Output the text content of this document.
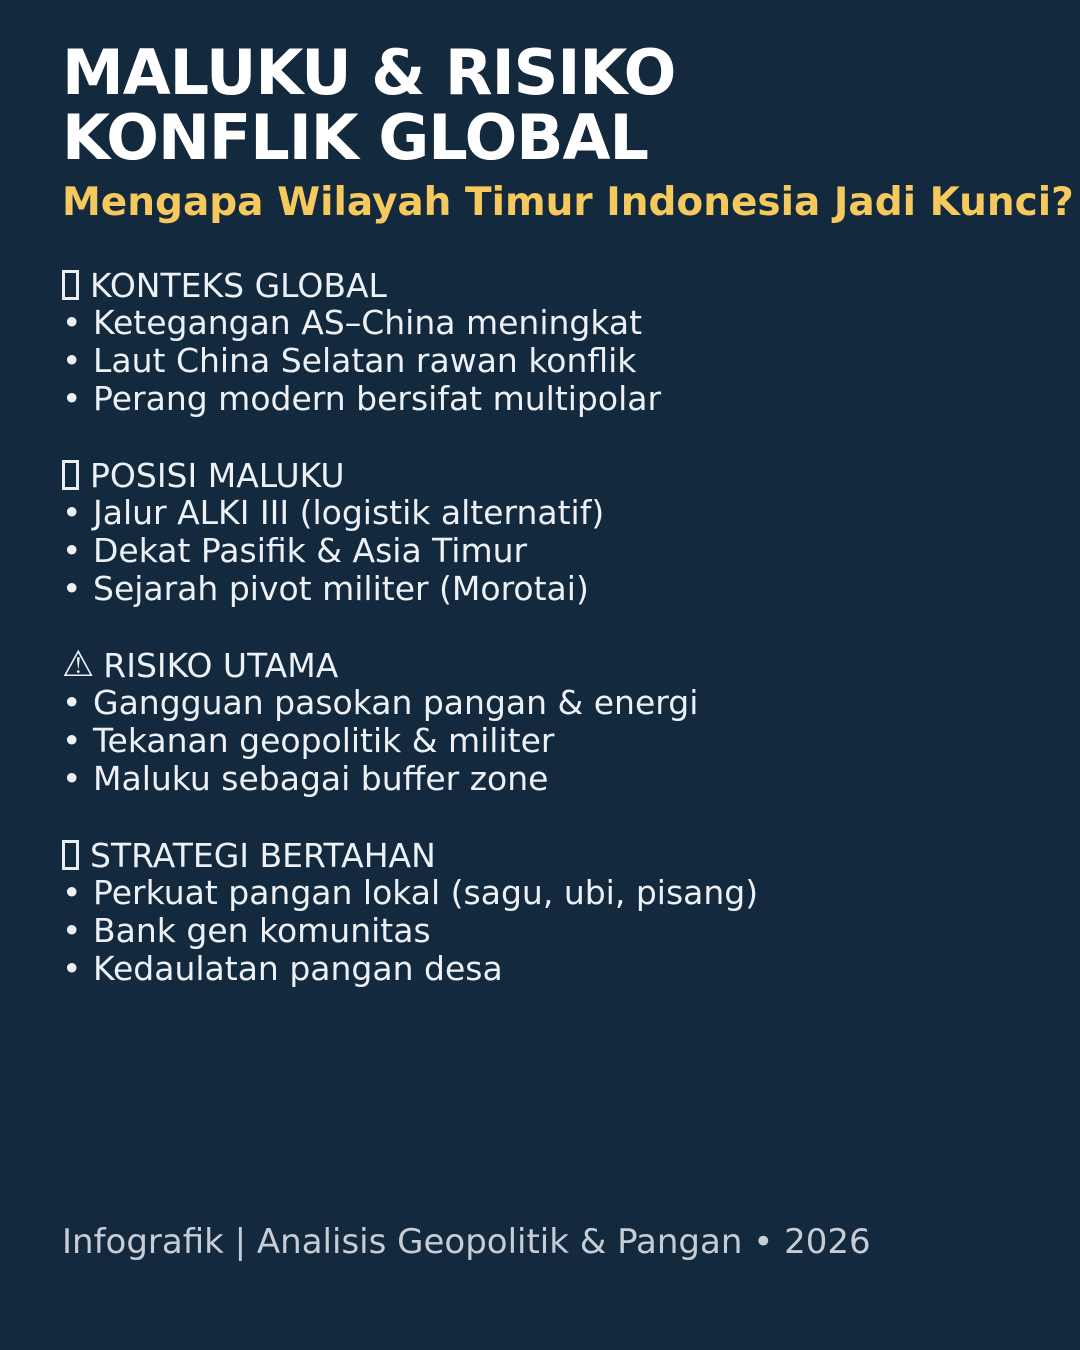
MALUKU & RISIKO
KONFLIK GLOBAL
Mengapa Wilayah Timur Indonesia Jadi Kunci?
KONTEKS GLOBAL
• Ketegangan AS–China meningkat
• Laut China Selatan rawan konflik
• Perang modern bersifat multipolar
POSISI MALUKU
• Jalur ALKI III (logistik alternatif)
• Dekat Pasifik & Asia Timur
• Sejarah pivot militer (Morotai)
⚠ RISIKO UTAMA
• Gangguan pasokan pangan & energi
• Tekanan geopolitik & militer
• Maluku sebagai buffer zone
STRATEGI BERTAHAN
• Perkuat pangan lokal (sagu, ubi, pisang)
• Bank gen komunitas
• Kedaulatan pangan desa
Infografik | Analisis Geopolitik & Pangan • 2026
